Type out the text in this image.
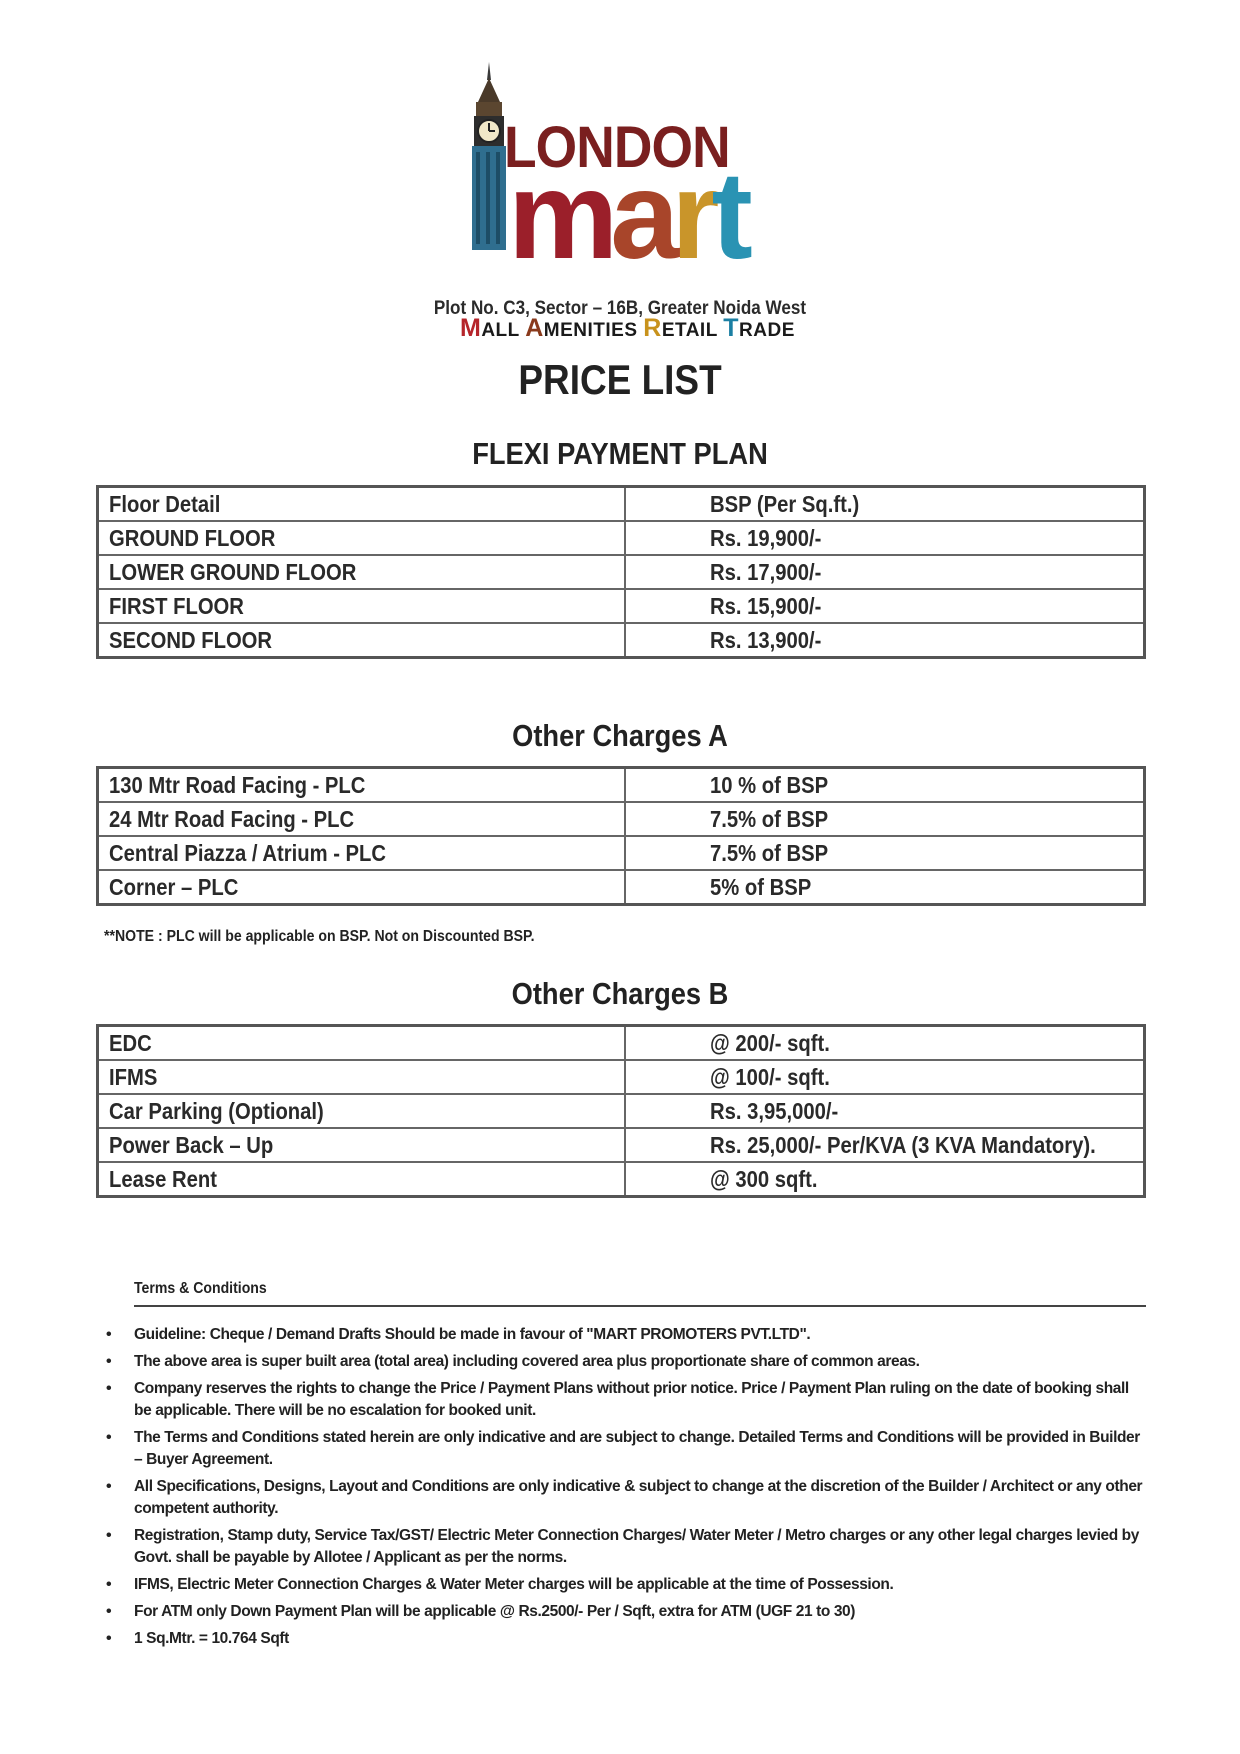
LONDON
mart
MALL AMENITIES RETAIL TRADE
Plot No. C3, Sector – 16B, Greater Noida West
PRICE LIST
FLEXI PAYMENT PLAN
Floor Detail	BSP (Per Sq.ft.)
GROUND FLOOR	Rs. 19,900/-
LOWER GROUND FLOOR	Rs. 17,900/-
FIRST FLOOR	Rs. 15,900/-
SECOND FLOOR	Rs. 13,900/-
Other Charges A
130 Mtr Road Facing - PLC	10 % of BSP
24 Mtr Road Facing - PLC	7.5% of BSP
Central Piazza / Atrium - PLC	7.5% of BSP
Corner – PLC	5% of BSP
**NOTE : PLC will be applicable on BSP. Not on Discounted BSP.
Other Charges B
EDC	@ 200/- sqft.
IFMS	@ 100/- sqft.
Car Parking (Optional)	Rs. 3,95,000/-
Power Back – Up	Rs. 25,000/- Per/KVA (3 KVA Mandatory).
Lease Rent	@ 300 sqft.
Terms & Conditions
• Guideline: Cheque / Demand Drafts Should be made in favour of "MART PROMOTERS PVT.LTD".
• The above area is super built area (total area) including covered area plus proportionate share of common areas.
• Company reserves the rights to change the Price / Payment Plans without prior notice. Price / Payment Plan ruling on the date of booking shall be applicable. There will be no escalation for booked unit.
• The Terms and Conditions stated herein are only indicative and are subject to change. Detailed Terms and Conditions will be provided in Builder – Buyer Agreement.
• All Specifications, Designs, Layout and Conditions are only indicative & subject to change at the discretion of the Builder / Architect or any other competent authority.
• Registration, Stamp duty, Service Tax/GST/ Electric Meter Connection Charges/ Water Meter / Metro charges or any other legal charges levied by Govt. shall be payable by Allotee / Applicant as per the norms.
• IFMS, Electric Meter Connection Charges & Water Meter charges will be applicable at the time of Possession.
• For ATM only Down Payment Plan will be applicable @ Rs.2500/- Per / Sqft, extra for ATM (UGF 21 to 30)
• 1 Sq.Mtr. = 10.764 Sqft
